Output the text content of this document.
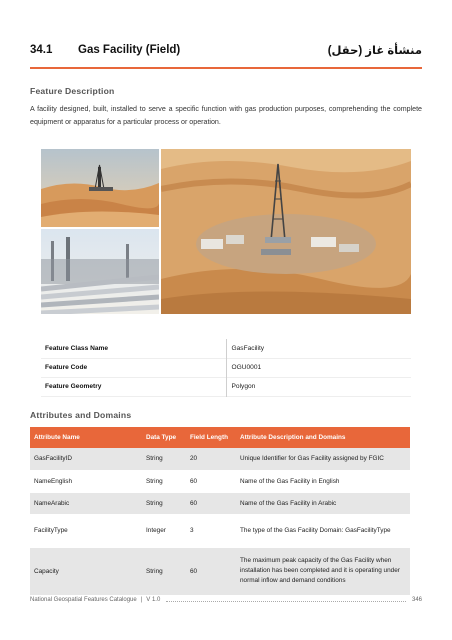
34.1	Gas Facility (Field)	منشأة غاز (حقل)
Feature Description
A facility designed, built, installed to serve a specific function with gas production purposes, comprehending the complete equipment or apparatus for a particular process or operation.
Feature Class Name	GasFacility
Feature Code	OGU0001
Feature Geometry	Polygon
Attributes and Domains
Attribute Name	Data Type	Field Length	Attribute Description and Domains
GasFacilityID	String	20	Unique Identifier for Gas Facility assigned by FGIC
NameEnglish	String	60	Name of the Gas Facility in English
NameArabic	String	60	Name of the Gas Facility in Arabic
FacilityType	Integer	3	The type of the Gas Facility Domain: GasFacilityType
Capacity	String	60	The maximum peak capacity of the Gas Facility when installation has been completed and it is operating under normal inflow and demand conditions
National Geospatial Features Catalogue | V 1.0	346
